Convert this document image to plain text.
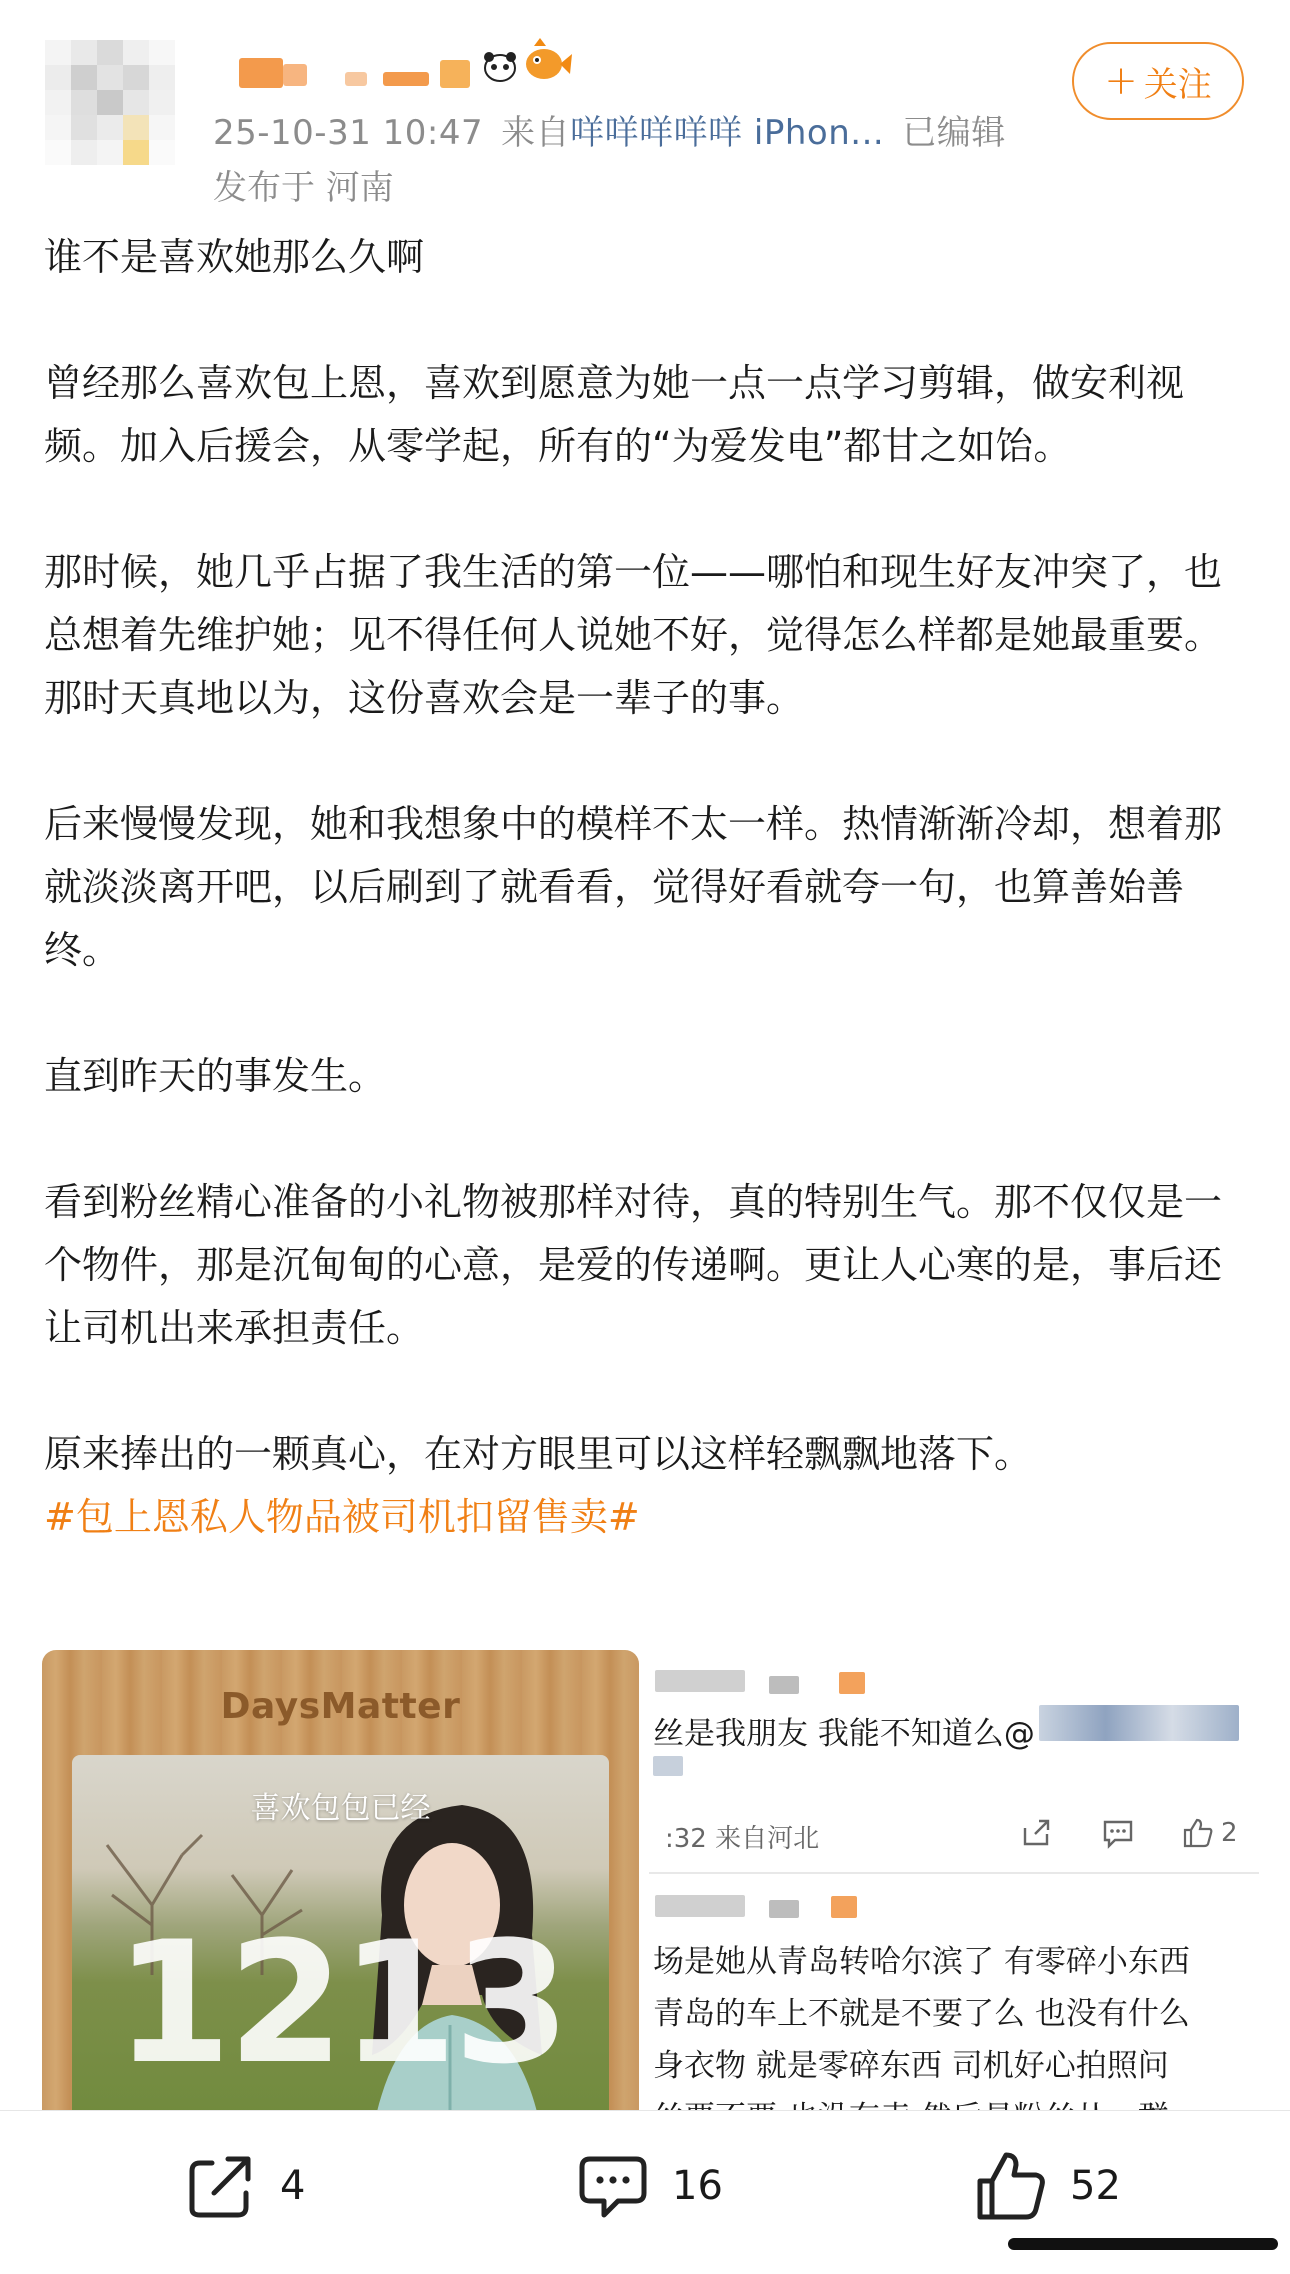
25-10-31 10:47 来自咩咩咩咩咩 iPhon... 已编辑
发布于 河南
+ 关注

谁不是喜欢她那么久啊

曾经那么喜欢包上恩，喜欢到愿意为她一点一点学习剪辑，做安利视频。加入后援会，从零学起，所有的“为爱发电”都甘之如饴。

那时候，她几乎占据了我生活的第一位——哪怕和现生好友冲突了，也总想着先维护她；见不得任何人说她不好，觉得怎么样都是她最重要。那时天真地以为，这份喜欢会是一辈子的事。

后来慢慢发现，她和我想象中的模样不太一样。热情渐渐冷却，想着那就淡淡离开吧，以后刷到了就看看，觉得好看就夸一句，也算善始善终。

直到昨天的事发生。

看到粉丝精心准备的小礼物被那样对待，真的特别生气。那不仅仅是一个物件，那是沉甸甸的心意，是爱的传递啊。更让人心寒的是，事后还让司机出来承担责任。

原来捧出的一颗真心，在对方眼里可以这样轻飘飘地落下。
#包上恩私人物品被司机扣留售卖#

DaysMatter
喜欢包包已经
1213
丝是我朋友 我能不知道么@
:32 来自河北	2
场是她从青岛转哈尔滨了 有零碎小东西
青岛的车上不就是不要了么 也没有什么
身衣物 就是零碎东西 司机好心拍照问
4	16	52
